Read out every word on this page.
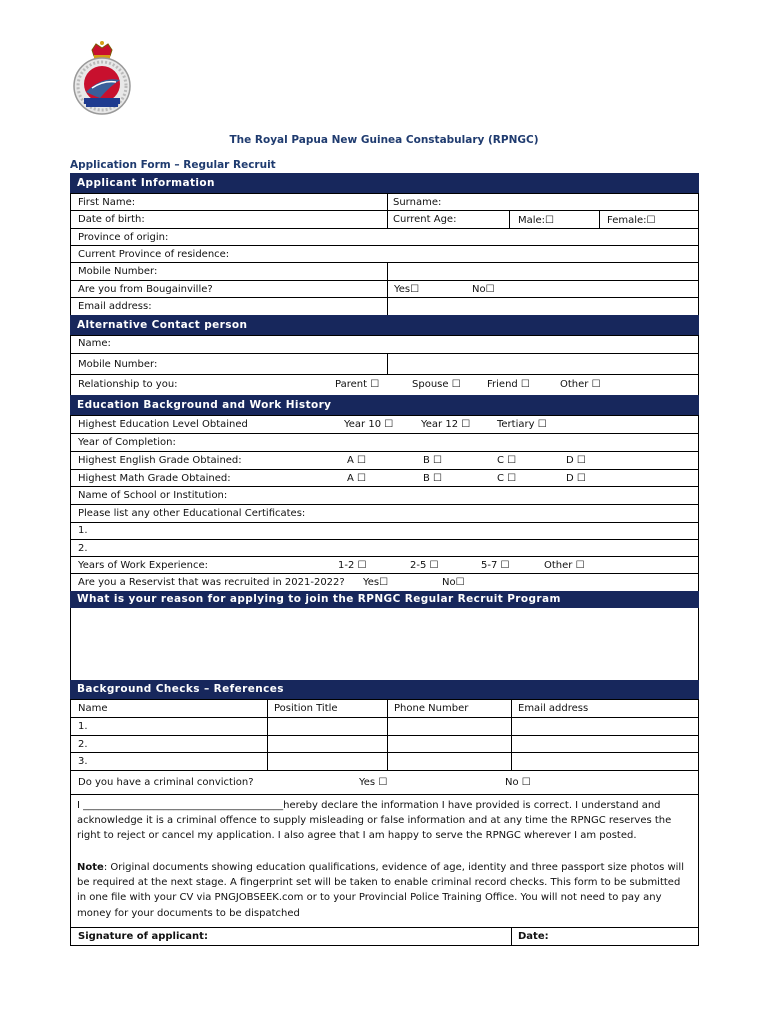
The Royal Papua New Guinea Constabulary (RPNGC)
Application Form – Regular Recruit
Applicant Information
First Name:	Surname:
Date of birth:	Current Age:	Male:☐	Female:☐
Province of origin:
Current Province of residence:
Mobile Number:
Are you from Bougainville?	Yes☐	No☐
Email address:
Alternative Contact person
Name:
Mobile Number:
Relationship to you:	Parent ☐	Spouse ☐	Friend ☐	Other ☐
Education Background and Work History
Highest Education Level Obtained	Year 10 ☐	Year 12 ☐	Tertiary ☐
Year of Completion:
Highest English Grade Obtained:	A ☐	B ☐	C ☐	D ☐
Highest Math Grade Obtained:	A ☐	B ☐	C ☐	D ☐
Name of School or Institution:
Please list any other Educational Certificates:
1.
2.
Years of Work Experience:	1-2 ☐	2-5 ☐	5-7 ☐	Other ☐
Are you a Reservist that was recruited in 2021-2022? Yes☐	No☐
What is your reason for applying to join the RPNGC Regular Recruit Program
Background Checks – References
Name	Position Title	Phone Number	Email address
1.
2.
3.
Do you have a criminal conviction?	Yes ☐	No ☐
I ________________________________________hereby declare the information I have provided is correct. I understand and acknowledge it is a criminal offence to supply misleading or false information and at any time the RPNGC reserves the right to reject or cancel my application. I also agree that I am happy to serve the RPNGC wherever I am posted.
Note: Original documents showing education qualifications, evidence of age, identity and three passport size photos will be required at the next stage. A fingerprint set will be taken to enable criminal record checks. This form to be submitted in one file with your CV via PNGJOBSEEK.com or to your Provincial Police Training Office. You will not need to pay any money for your documents to be dispatched
Signature of applicant:	Date:
